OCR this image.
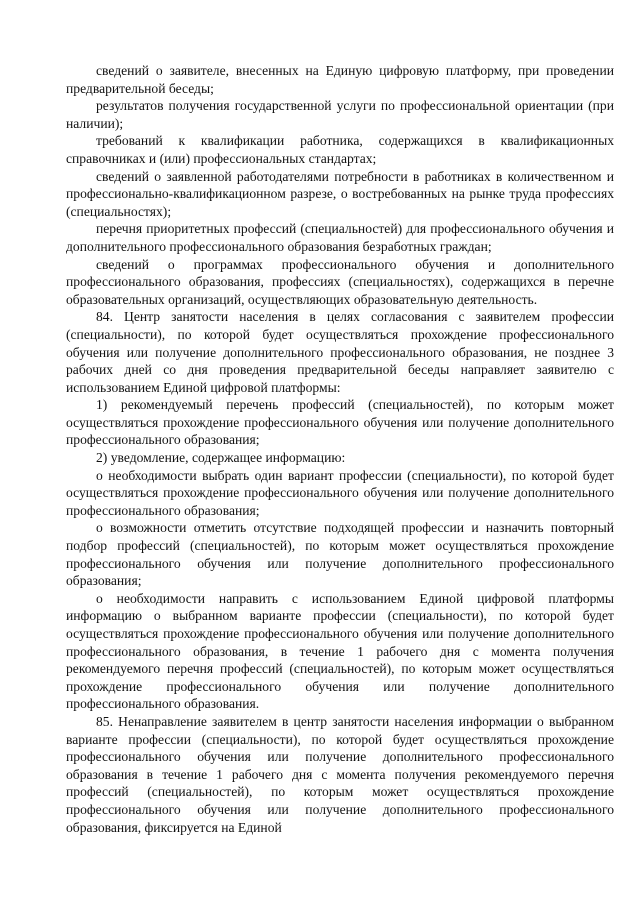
сведений о заявителе, внесенных на Единую цифровую платформу, при проведении предварительной беседы;

результатов получения государственной услуги по профессиональной ориентации (при наличии);

требований к квалификации работника, содержащихся в квалификационных справочниках и (или) профессиональных стандартах;

сведений о заявленной работодателями потребности в работниках в количественном и профессионально-квалификационном разрезе, о востребованных на рынке труда профессиях (специальностях);

перечня приоритетных профессий (специальностей) для профессионального обучения и дополнительного профессионального образования безработных граждан;

сведений о программах профессионального обучения и дополнительного профессионального образования, профессиях (специальностях), содержащихся в перечне образовательных организаций, осуществляющих образовательную деятельность.

84. Центр занятости населения в целях согласования с заявителем профессии (специальности), по которой будет осуществляться прохождение профессионального обучения или получение дополнительного профессионального образования, не позднее 3 рабочих дней со дня проведения предварительной беседы направляет заявителю с использованием Единой цифровой платформы:

1) рекомендуемый перечень профессий (специальностей), по которым может осуществляться прохождение профессионального обучения или получение дополнительного профессионального образования;

2) уведомление, содержащее информацию:

о необходимости выбрать один вариант профессии (специальности), по которой будет осуществляться прохождение профессионального обучения или получение дополнительного профессионального образования;

о возможности отметить отсутствие подходящей профессии и назначить повторный подбор профессий (специальностей), по которым может осуществляться прохождение профессионального обучения или получение дополнительного профессионального образования;

о необходимости направить с использованием Единой цифровой платформы информацию о выбранном варианте профессии (специальности), по которой будет осуществляться прохождение профессионального обучения или получение дополнительного профессионального образования, в течение 1 рабочего дня с момента получения рекомендуемого перечня профессий (специальностей), по которым может осуществляться прохождение профессионального обучения или получение дополнительного профессионального образования.

85. Ненаправление заявителем в центр занятости населения информации о выбранном варианте профессии (специальности), по которой будет осуществляться прохождение профессионального обучения или получение дополнительного профессионального образования в течение 1 рабочего дня с момента получения рекомендуемого перечня профессий (специальностей), по которым может осуществляться прохождение профессионального обучения или получение дополнительного профессионального образования, фиксируется на Единой
